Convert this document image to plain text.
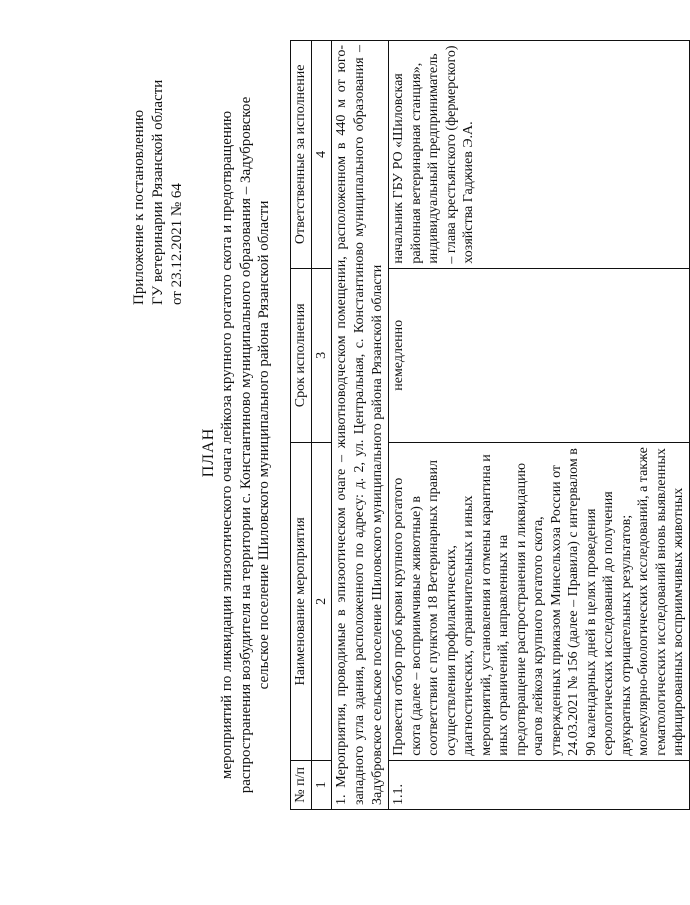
Приложение к постановлению ГУ ветеринарии Рязанской области от 23.12.2021 № 64
ПЛАН мероприятий по ликвидации эпизоотического очага лейкоза крупного рогатого скота и предотвращению распространения возбудителя на территории с. Константиново муниципального образования – Задубровское сельское поселение Шиловского муниципального района Рязанской области
№ п/п	Наименование мероприятия	Срок исполнения	Ответственные за исполнение
1	2	3	4
1. Мероприятия, проводимые в эпизоотическом очаге – животноводческом помещении, расположенном в 440 м от юго-западного угла здания, расположенного по адресу: д. 2, ул. Центральная, с. Константиново муниципального образования – Задубровское сельское поселение Шиловского муниципального района Рязанской области			
1.1.	Провести отбор проб крови крупного рогатого скота (далее – восприимчивые животные) в соответствии с пунктом 18 Ветеринарных правил осуществления профилактических, диагностических, ограничительных и иных мероприятий, установления и отмены карантина и иных ограничений, направленных на предотвращение распространения и ликвидацию очагов лейкоза крупного рогатого скота, утвержденных приказом Минсельхоза России от 24.03.2021 № 156 (далее – Правила) с интервалом в 90 календарных дней в целях проведения серологических исследований до получения двукратных отрицательных результатов; молекулярно-биологических исследований, а также гематологических исследований вновь выявленных инфицированных восприимчивых животных	немедленно	начальник ГБУ РО «Шиловская районная ветеринарная станция», индивидуальный предприниматель – глава крестьянского (фермерского) хозяйства Гаджиев Э.А.
